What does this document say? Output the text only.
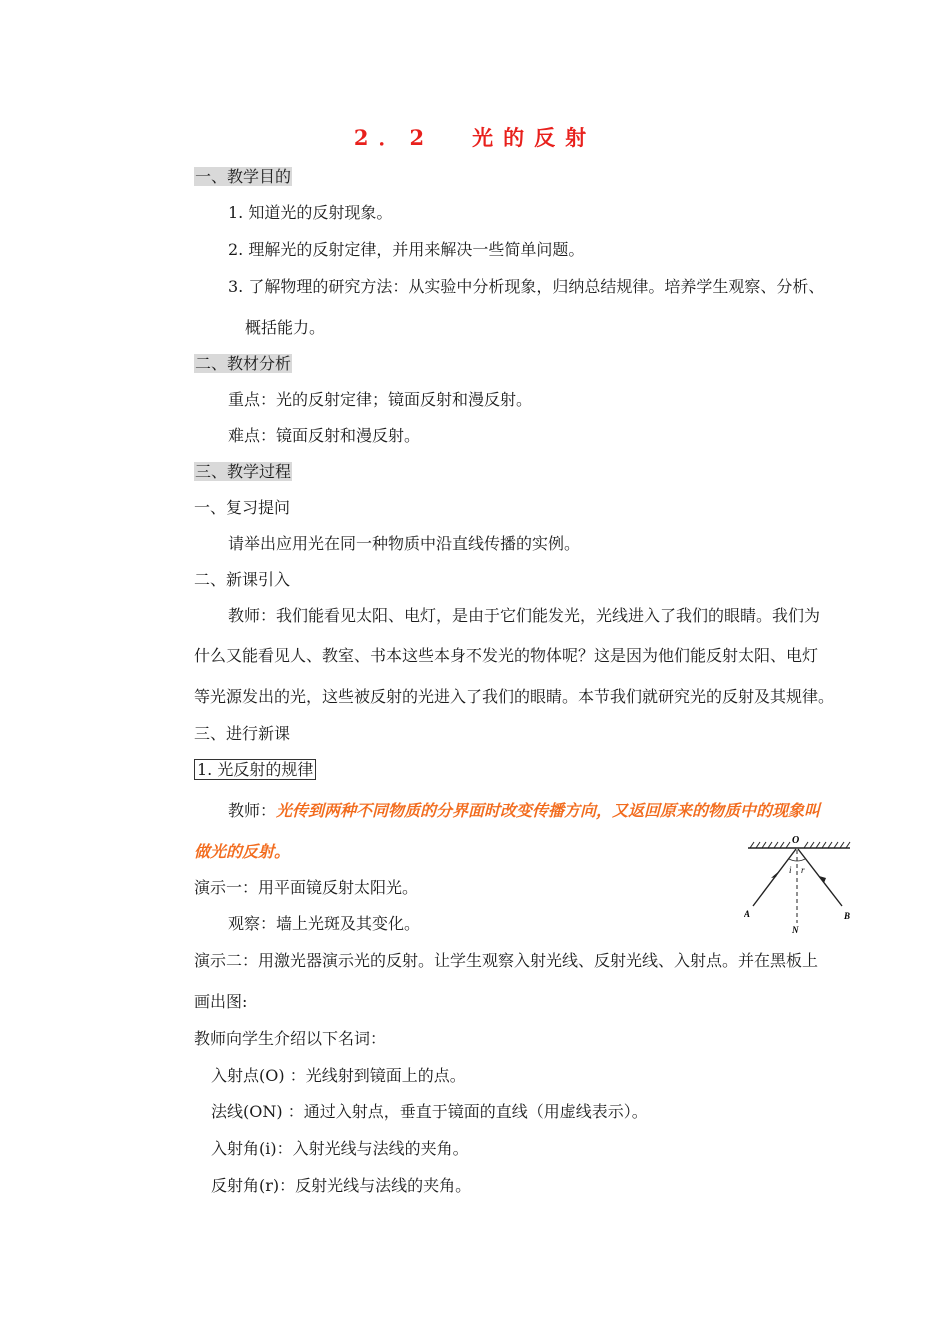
2．2 光的反射
一、教学目的
1. 知道光的反射现象。
2. 理解光的反射定律，并用来解决一些简单问题。
3. 了解物理的研究方法：从实验中分析现象，归纳总结规律。培养学生观察、分析、
概括能力。
二、教材分析
重点：光的反射定律；镜面反射和漫反射。
难点：镜面反射和漫反射。
三、教学过程
一、复习提问
请举出应用光在同一种物质中沿直线传播的实例。
二、新课引入
教师：我们能看见太阳、电灯，是由于它们能发光，光线进入了我们的眼睛。我们为
什么又能看见人、教室、书本这些本身不发光的物体呢？这是因为他们能反射太阳、电灯
等光源发出的光，这些被反射的光进入了我们的眼睛。本节我们就研究光的反射及其规律。
三、进行新课
1. 光反射的规律
教师：光传到两种不同物质的分界面时改变传播方向，又返回原来的物质中的现象叫
做光的反射。
演示一：用平面镜反射太阳光。
观察：墙上光斑及其变化。
演示二：用激光器演示光的反射。让学生观察入射光线、反射光线、入射点。并在黑板上
画出图:
教师向学生介绍以下名词：
入射点(O) ：光线射到镜面上的点。
法线(ON) ：通过入射点，垂直于镜面的直线（用虚线表示）。
入射角(i)：入射光线与法线的夹角。
反射角(r)：反射光线与法线的夹角。
O
i r
A	B
N
